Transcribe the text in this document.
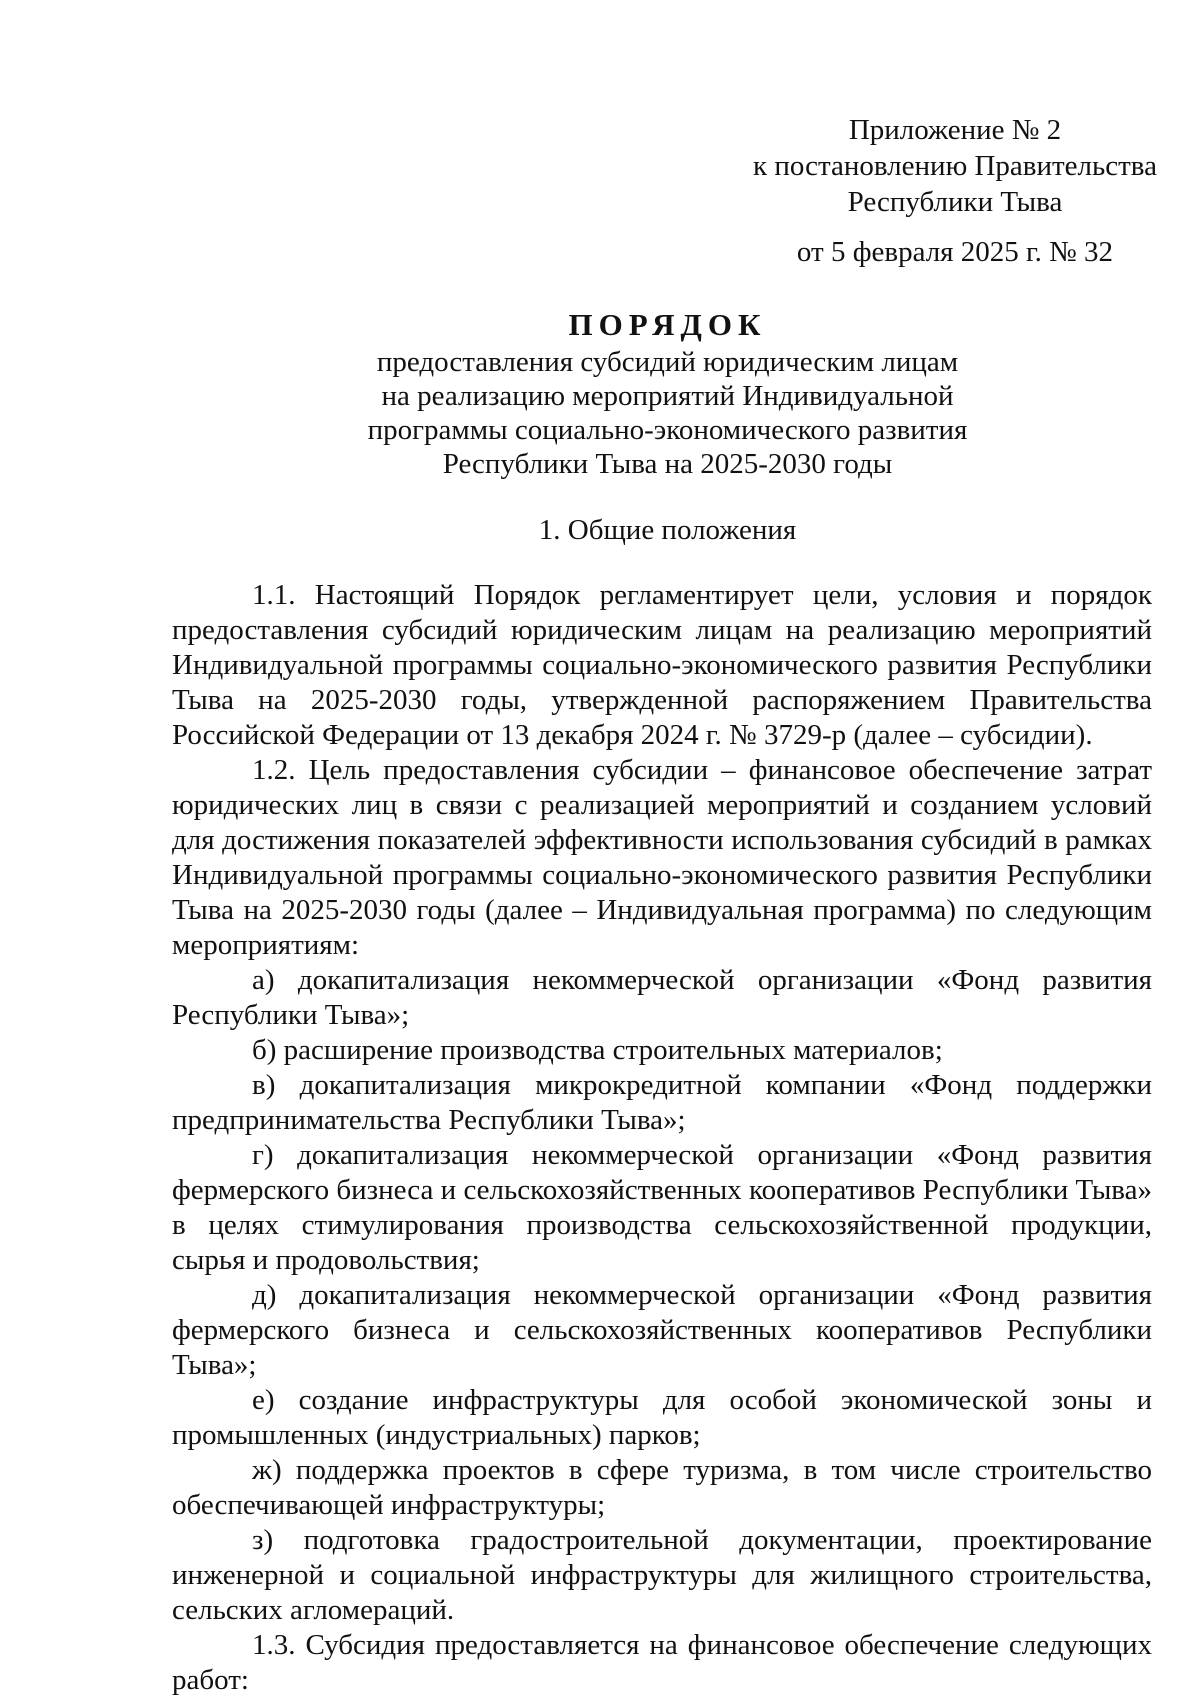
Приложение № 2
к постановлению Правительства
Республики Тыва
от 5 февраля 2025 г. № 32
ПОРЯДОК
предоставления субсидий юридическим лицам
на реализацию мероприятий Индивидуальной
программы социально-экономического развития
Республики Тыва на 2025-2030 годы
1. Общие положения

1.1. Настоящий Порядок регламентирует цели, условия и порядок предоставления субсидий юридическим лицам на реализацию мероприятий Индивидуальной программы социально-экономического развития Республики Тыва на 2025-2030 годы, утвержденной распоряжением Правительства Российской Федерации от 13 декабря 2024 г. № 3729-р (далее – субсидии).

1.2. Цель предоставления субсидии – финансовое обеспечение затрат юридических лиц в связи с реализацией мероприятий и созданием условий для достижения показателей эффективности использования субсидий в рамках Индивидуальной программы социально-экономического развития Республики Тыва на 2025-2030 годы (далее – Индивидуальная программа) по следующим мероприятиям:

а) докапитализация некоммерческой организации «Фонд развития Республики Тыва»;

б) расширение производства строительных материалов;

в) докапитализация микрокредитной компании «Фонд поддержки предпринимательства Республики Тыва»;

г) докапитализация некоммерческой организации «Фонд развития фермерского бизнеса и сельскохозяйственных кооперативов Республики Тыва» в целях стимулирования производства сельскохозяйственной продукции, сырья и продовольствия;

д) докапитализация некоммерческой организации «Фонд развития фермерского бизнеса и сельскохозяйственных кооперативов Республики Тыва»;

е) создание инфраструктуры для особой экономической зоны и промышленных (индустриальных) парков;

ж) поддержка проектов в сфере туризма, в том числе строительство обеспечивающей инфраструктуры;

з) подготовка градостроительной документации, проектирование инженерной и социальной инфраструктуры для жилищного строительства, сельских агломераций.

1.3. Субсидия предоставляется на финансовое обеспечение следующих работ:
